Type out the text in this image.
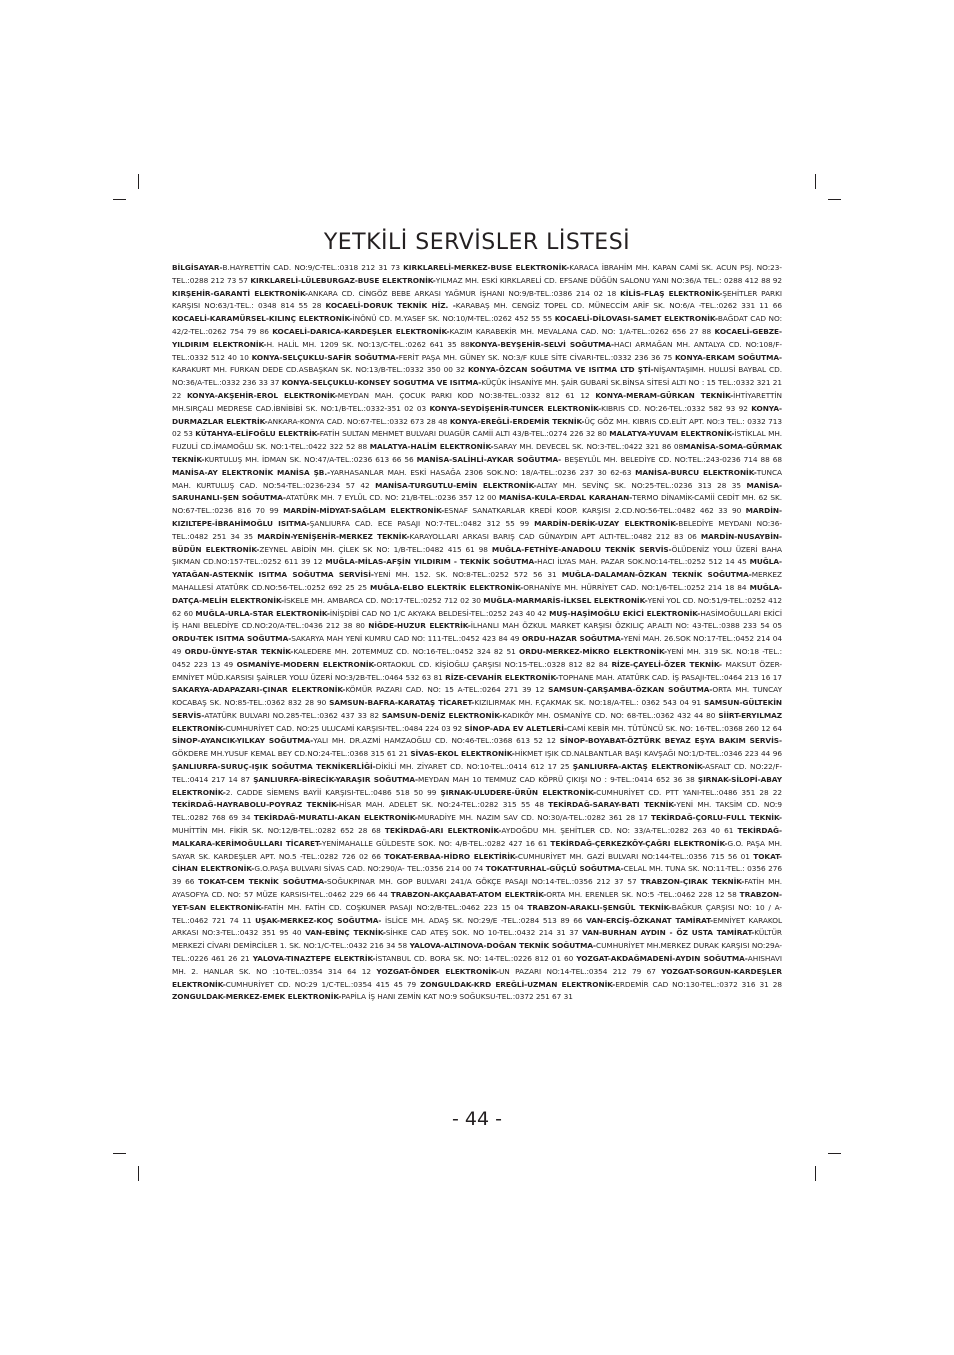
YETKİLİ SERVİSLER LİSTESİ
BİLGİSAYAR-B.HAYRETTİN CAD. NO:9/C-TEL.:0318 212 31 73 KIRKLARELİ-MERKEZ-BUSE ELEKTRONİK-KARACA İBRAHİM MH. KAPAN CAMİ SK. ACUN PSJ. NO:23-TEL.:0288 212 73 57 KIRKLARELİ-LÜLEBURGAZ-BUSE ELEKTRONİK-YILMAZ MH. ESKİ KIRKLARELİ CD. EFSANE DÜĞÜN SALONU YANI NO:36/A TEL.: 0288 412 88 92 KIRŞEHİR-GARANTİ ELEKTRONİK-ANKARA CD. CİNGÖZ BEBE ARKASI YAĞMUR İŞHANI NO:9/B-TEL.:0386 214 02 18 KİLİS-FLAŞ ELEKTRONİK-ŞEHİTLER PARKI KARŞISI NO:63/1-TEL.: 0348 814 55 28 KOCAELİ-DORUK TEKNİK HİZ. -KARABAŞ MH. CENGİZ TOPEL CD. MÜNECCİM ARİF SK. NO:6/A -TEL.:0262 331 11 66 KOCAELİ-KARAMÜRSEL-KILINÇ ELEKTRONİK-İNÖNÜ CD. M.YASEF SK. NO:10/M-TEL.:0262 452 55 55 KOCAELİ-DİLOVASI-SAMET ELEKTRONİK-BAĞDAT CAD NO: 42/2-TEL.:0262 754 79 86 KOCAELİ-DARICA-KARDEŞLER ELEKTRONİK-KAZIM KARABEKİR MH. MEVALANA CAD. NO: 1/A-TEL.:0262 656 27 88 KOCAELİ-GEBZE-YILDIRIM ELEKTRONİK-H. HALİL MH. 1209 SK. NO:13/C-TEL.:0262 641 35 88KONYA-BEYŞEHİR-SELVİ SOĞUTMA-HACI ARMAĞAN MH. ANTALYA CD. NO:108/F-TEL.:0332 512 40 10 KONYA-SELÇUKLU-SAFİR SOĞUTMA-FERİT PAŞA MH. GÜNEY SK. NO:3/F KULE SİTE CİVARI-TEL.:0332 236 36 75 KONYA-ERKAM SOĞUTMA-KARAKURT MH. FURKAN DEDE CD.ASBAŞKAN SK. NO:13/B-TEL.:0332 350 00 32 KONYA-ÖZCAN SOĞUTMA VE ISITMA LTD ŞTİ-NİŞANTAŞIMH. HULUSİ BAYBAL CD. NO:36/A-TEL.:0332 236 33 37 KONYA-SELÇUKLU-KONSEY SOGUTMA VE ISITMA-KÜÇÜK İHSANİYE MH. ŞAİR GUBARİ SK.BİNSA SİTESİ ALTI NO : 15 TEL.:0332 321 21 22 KONYA-AKŞEHİR-EROL ELEKTRONİK-MEYDAN MAH. ÇOCUK PARKI KOD NO:38-TEL.:0332 812 61 12 KONYA-MERAM-GÜRKAN TEKNİK-İHTİYARETTİN MH.SIRÇALI MEDRESE CAD.İBNİBİBİ SK. NO:1/B-TEL.:0332-351 02 03 KONYA-SEYDİŞEHİR-TUNCER ELEKTRONİK-KIBRIS CD. NO:26-TEL.:0332 582 93 92 KONYA-DURMAZLAR ELEKTRİK-ANKARA-KONYA CAD. NO:67-TEL.:0332 673 28 48 KONYA-EREĞLİ-ERDEMİR TEKNİK-ÜÇ GÖZ MH. KIBRIS CD.ELİT APT. NO:3 TEL.: 0332 713 02 53 KÜTAHYA-ELİFOĞLU ELEKTRİK-FATİH SULTAN MEHMET BULVARI DUAGÜR CAMİİ ALTI 43/B-TEL.:0274 226 32 80 MALATYA-YUVAM ELEKTRONİK-İSTİKLAL MH. FUZULİ CD.İMAMOĞLU SK. NO:1-TEL.:0422 322 52 88 MALATYA-HALİM ELEKTRONİK-SARAY MH. DEVECEL SK. NO:3-TEL.:0422 321 86 08MANİSA-SOMA-GÜRMAK TEKNİK-KURTULUŞ MH. İDMAN SK. NO:47/A-TEL.:0236 613 66 56 MANİSA-SALİHLİ-AYKAR SOĞUTMA- BEŞEYLÜL MH. BELEDİYE CD. NO:TEL.:243-0236 714 88 68 MANİSA-AY ELEKTRONİK MANİSA ŞB.-YARHASANLAR MAH. ESKİ HASAĞA 2306 SOK.NO: 18/A-TEL.:0236 237 30 62-63 MANİSA-BURCU ELEKTRONİK-TUNCA MAH. KURTULUŞ CAD. NO:54-TEL.:0236-234 57 42 MANİSA-TURGUTLU-EMİN ELEKTRONİK-ALTAY MH. SEVİNÇ SK. NO:25-TEL.:0236 313 28 35 MANİSA-SARUHANLI-ŞEN SOĞUTMA-ATATÜRK MH. 7 EYLÜL CD. NO: 21/B-TEL.:0236 357 12 00 MANİSA-KULA-ERDAL KARAHAN-TERMO DİNAMİK-CAMİİ CEDİT MH. 62 SK. NO:67-TEL.:0236 816 70 99 MARDİN-MİDYAT-SAĞLAM ELEKTRONİK-ESNAF SANATKARLAR KREDİ KOOP. KARŞISI 2.CD.NO:56-TEL.:0482 462 33 90 MARDİN-KIZILTEPE-İBRAHİMOĞLU ISITMA-ŞANLIURFA CAD. ECE PASAJI NO:7-TEL.:0482 312 55 99 MARDİN-DERİK-UZAY ELEKTRONİK-BELEDİYE MEYDANI NO:36-TEL.:0482 251 34 35 MARDİN-YENİŞEHİR-MERKEZ TEKNİK-KARAYOLLARI ARKASI BARIŞ CAD GÜNAYDIN APT ALTI-TEL.:0482 212 83 06 MARDİN-NUSAYBİN-BÜDÜN ELEKTRONİK-ZEYNEL ABİDİN MH. ÇİLEK SK NO: 1/B-TEL.:0482 415 61 98 MUĞLA-FETHİYE-ANADOLU TEKNİK SERVİS-ÖLÜDENİZ YOLU ÜZERİ BAHA ŞIKMAN CD.NO:157-TEL.:0252 611 39 12 MUĞLA-MİLAS-AFŞİN YILDIRIM - TEKNİK SOĞUTMA-HACI İLYAS MAH. PAZAR SOK.NO:14-TEL.:0252 512 14 45 MUĞLA-YATAĞAN-ASTEKNİK ISITMA SOĞUTMA SERVİSİ-YENİ MH. 152. SK. NO:8-TEL.:0252 572 56 31 MUĞLA-DALAMAN-ÖZKAN TEKNİK SOĞUTMA-MERKEZ MAHALLESİ ATATÜRK CD.NO:56-TEL.:0252 692 25 25 MUĞLA-ELBO ELEKTRİK ELEKTRONİK-ORHANİYE MH. HÜRRİYET CAD. NO:1/6-TEL.:0252 214 18 84 MUĞLA-DATÇA-MELİH ELEKTRONİK-İSKELE MH. AMBARCA CD. NO:17-TEL.:0252 712 02 30 MUĞLA-MARMARİS-İLKSEL ELEKTRONİK-YENİ YOL CD. NO:51/9-TEL.:0252 412 62 60 MUĞLA-URLA-STAR ELEKTRONİK-İNİŞDİBİ CAD NO 1/C AKYAKA BELDESİ-TEL.:0252 243 40 42 MUŞ-HAŞİMOĞLU EKİCİ ELEKTRONİK-HASİMOĞULLARI EKİCİ İŞ HANI BELEDİYE CD.NO:20/A-TEL.:0436 212 38 80 NİĞDE-HUZUR ELEKTRİK-İLHANLI MAH ÖZKUL MARKET KARŞISI ÖZKILIÇ AP.ALTI NO: 43-TEL.:0388 233 54 05 ORDU-TEK ISITMA SOĞUTMA-SAKARYA MAH YENİ KUMRU CAD NO: 111-TEL.:0452 423 84 49 ORDU-HAZAR SOĞUTMA-YENİ MAH. 26.SOK NO:17-TEL.:0452 214 04 49 ORDU-ÜNYE-STAR TEKNİK-KALEDERE MH. 20TEMMUZ CD. NO:16-TEL.:0452 324 82 51 ORDU-MERKEZ-MİKRO ELEKTRONİK-YENİ MH. 319 SK. NO:18 -TEL.: 0452 223 13 49 OSMANİYE-MODERN ELEKTRONİK-ORTAOKUL CD. KİŞİOĞLU ÇARŞISI NO:15-TEL.:0328 812 82 84 RİZE-ÇAYELİ-ÖZER TEKNİK- MAKSUT ÖZER-EMNİYET MÜD.KARSISI ŞAİRLER YOLU ÜZERİ NO:3/2B-TEL.:0464 532 63 81 RİZE-CEVAHİR ELEKTRONİK-TOPHANE MAH. ATATÜRK CAD. İŞ PASAJI-TEL.:0464 213 16 17 SAKARYA-ADAPAZARI-ÇINAR ELEKTRONİK-KÖMÜR PAZARI CAD. NO: 15 A-TEL.:0264 271 39 12 SAMSUN-ÇARŞAMBA-ÖZKAN SOĞUTMA-ORTA MH. TUNCAY KOCABAŞ SK. NO:85-TEL.:0362 832 28 90 SAMSUN-BAFRA-KARATAŞ TİCARET-KIZILIRMAK MH. F.ÇAKMAK SK. NO:18/A-TEL.: 0362 543 04 91 SAMSUN-GÜLTEKİN SERVİS-ATATÜRK BULVARI NO.285-TEL.:0362 437 33 82 SAMSUN-DENİZ ELEKTRONİK-KADIKÖY MH. OSMANİYE CD. NO: 68-TEL.:0362 432 44 80 SİİRT-ERYILMAZ ELEKTRONİK-CUMHURİYET CAD. NO:25 ULUCAMİ KARŞISI-TEL.:0484 224 03 92 SİNOP-ADA EV ALETLERİ-CAMİ KEBİR MH. TÜTÜNCÜ SK. NO: 16-TEL.:0368 260 12 64 SİNOP-AYANCIK-YILKAY SOĞUTMA-YALI MH. DR.AZMİ HAMZAOĞLU CD. NO:46-TEL.:0368 613 52 12 SİNOP-BOYABAT-ÖZTÜRK BEYAZ EŞYA BAKIM SERVİS-GÖKDERE MH.YUSUF KEMAL BEY CD.NO:24-TEL.:0368 315 61 21 SİVAS-EKOL ELEKTRONİK-HİKMET IŞIK CD.NALBANTLAR BAŞI KAVŞAĞI NO:1/D-TEL.:0346 223 44 96 ŞANLIURFA-SURUÇ-IŞIK SOĞUTMA TEKNİKERLİĞİ-DİKİLİ MH. ZİYARET CD. NO:10-TEL.:0414 612 17 25 ŞANLIURFA-AKTAŞ ELEKTRONİK-ASFALT CD. NO:22/F-TEL.:0414 217 14 87 ŞANLIURFA-BİRECİK-YARAŞIR SOĞUTMA-MEYDAN MAH 10 TEMMUZ CAD KÖPRÜ ÇIKIŞI NO : 9-TEL.:0414 652 36 38 ŞIRNAK-SİLOPİ-ABAY ELEKTRONİK-2. CADDE SİEMENS BAYİİ KARŞISI-TEL.:0486 518 50 99 ŞIRNAK-ULUDERE-ÜRÜN ELEKTRONİK-CUMHURİYET CD. PTT YANI-TEL.:0486 351 28 22 TEKİRDAĞ-HAYRABOLU-POYRAZ TEKNİK-HİSAR MAH. ADELET SK. NO:24-TEL.:0282 315 55 48 TEKİRDAĞ-SARAY-BATI TEKNİK-YENİ MH. TAKSİM CD. NO:9 TEL.:0282 768 69 34 TEKİRDAĞ-MURATLI-AKAN ELEKTRONİK-MURADİYE MH. NAZIM SAV CD. NO:30/A-TEL.:0282 361 28 17 TEKİRDAĞ-ÇORLU-FULL TEKNİK-MUHİTTİN MH. FİKİR SK. NO:12/B-TEL.:0282 652 28 68 TEKİRDAĞ-ARI ELEKTRONİK-AYDOĞDU MH. ŞEHİTLER CD. NO: 33/A-TEL.:0282 263 40 61 TEKİRDAĞ-MALKARA-KERİMOĞULLARI TİCARET-YENİMAHALLE GÜLDESTE SOK. NO: 4/B-TEL.:0282 427 16 61 TEKİRDAĞ-ÇERKEZKÖY-ÇAĞRI ELEKTRONİK-G.O. PAŞA MH. SAYAR SK. KARDEŞLER APT. NO.5 -TEL.:0282 726 02 66 TOKAT-ERBAA-HİDRO ELEKTİRİK-CUMHURİYET MH. GAZİ BULVARI NO:144-TEL.:0356 715 56 01 TOKAT-CİHAN ELEKTRONİK-G.O.PAŞA BULVARI SİVAS CAD. NO:290/A- TEL.:0356 214 00 74 TOKAT-TURHAL-GÜÇLÜ SOĞUTMA-CELAL MH. TUNA SK. NO:11-TEL.: 0356 276 39 66 TOKAT-CEM TEKNİK SOĞUTMA-SOĞUKPINAR MH. GOP BULVARI 241/A GÖKÇE PASAJI NO:14-TEL.:0356 212 37 57 TRABZON-ÇIRAK TEKNİK-FATİH MH. AYASOFYA CD. NO: 57 MÜZE KARSISI-TEL.:0462 229 66 44 TRABZON-AKÇAABAT-ATOM ELEKTRİK-ORTA MH. ERENLER SK. NO:5 -TEL.:0462 228 12 58 TRABZON-YET-SAN ELEKTRONİK-FATİH MH. FATİH CD. COŞKUNER PASAJI NO:2/B-TEL.:0462 223 15 04 TRABZON-ARAKLI-ŞENGÜL TEKNİK-BAĞKUR ÇARŞISI NO: 10 / A-TEL.:0462 721 74 11 UŞAK-MERKEZ-KOÇ SOĞUTMA- İSLİCE MH. ADAŞ SK. NO:29/E -TEL.:0284 513 89 66 VAN-ERCİŞ-ÖZKANAT TAMİRAT-EMNİYET KARAKOL ARKASI NO:3-TEL.:0432 351 95 40 VAN-EBİNÇ TEKNİK-SİHKE CAD ATEŞ SOK. NO 10-TEL.:0432 214 31 37 VAN-BURHAN AYDIN - ÖZ USTA TAMİRAT-KÜLTÜR MERKEZİ CİVARI DEMİRCİLER 1. SK. NO:1/C-TEL.:0432 216 34 58 YALOVA-ALTINOVA-DOĞAN TEKNİK SOĞUTMA-CUMHURİYET MH.MERKEZ DURAK KARŞISI NO:29A-TEL.:0226 461 26 21 YALOVA-TINAZTEPE ELEKTRİK-İSTANBUL CD. BORA SK. NO: 14-TEL.:0226 812 01 60 YOZGAT-AKDAĞMADENİ-AYDIN SOĞUTMA-AHISHAVI MH. 2. HANLAR SK. NO :10-TEL.:0354 314 64 12 YOZGAT-ÖNDER ELEKTRONİK-UN PAZARI NO:14-TEL.:0354 212 79 67 YOZGAT-SORGUN-KARDEŞLER ELEKTRONİK-CUMHURİYET CD. NO:29 1/C-TEL.:0354 415 45 79 ZONGULDAK-KRD EREĞLİ-UZMAN ELEKTRONİK-ERDEMİR CAD NO:130-TEL.:0372 316 31 28 ZONGULDAK-MERKEZ-EMEK ELEKTRONİK-PAPİLA İŞ HANI ZEMİN KAT NO:9 SOĞUKSU-TEL.:0372 251 67 31
- 44 -
